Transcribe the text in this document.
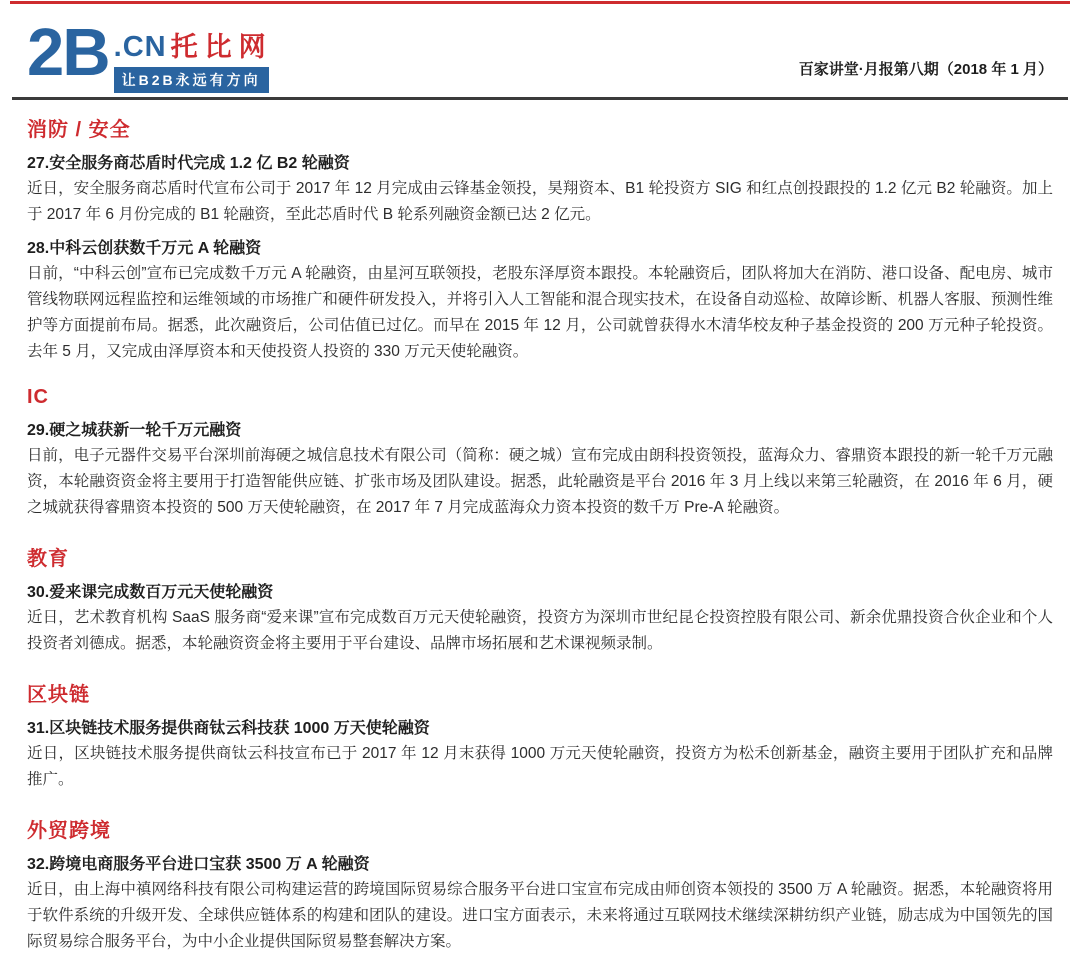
2B .CN 托比网
让B2B永远有方向
百家讲堂·月报第八期（2018 年 1 月）
消防 / 安全
27.安全服务商芯盾时代完成 1.2 亿 B2 轮融资

近日，安全服务商芯盾时代宣布公司于 2017 年 12 月完成由云锋基金领投，昊翔资本、B1 轮投资方 SIG 和红点创投跟投的 1.2 亿元 B2 轮融资。加上于 2017 年 6 月份完成的 B1 轮融资，至此芯盾时代 B 轮系列融资金额已达 2 亿元。

28.中科云创获数千万元 A 轮融资

日前，“中科云创”宣布已完成数千万元 A 轮融资，由星河互联领投，老股东泽厚资本跟投。本轮融资后，团队将加大在消防、港口设备、配电房、城市管线物联网远程监控和运维领域的市场推广和硬件研发投入，并将引入人工智能和混合现实技术，在设备自动巡检、故障诊断、机器人客服、预测性维护等方面提前布局。据悉，此次融资后，公司估值已过亿。而早在 2015 年 12 月，公司就曾获得水木清华校友种子基金投资的 200 万元种子轮投资。去年 5 月，又完成由泽厚资本和天使投资人投资的 330 万元天使轮融资。

IC
29.硬之城获新一轮千万元融资

日前，电子元器件交易平台深圳前海硬之城信息技术有限公司（简称：硬之城）宣布完成由朗科投资领投，蓝海众力、睿鼎资本跟投的新一轮千万元融资，本轮融资资金将主要用于打造智能供应链、扩张市场及团队建设。据悉，此轮融资是平台 2016 年 3 月上线以来第三轮融资，在 2016 年 6 月，硬之城就获得睿鼎资本投资的 500 万天使轮融资，在 2017 年 7 月完成蓝海众力资本投资的数千万 Pre-A 轮融资。

教育
30.爱来课完成数百万元天使轮融资

近日，艺术教育机构 SaaS 服务商“爱来课”宣布完成数百万元天使轮融资，投资方为深圳市世纪昆仑投资控股有限公司、新余优鼎投资合伙企业和个人投资者刘德成。据悉，本轮融资资金将主要用于平台建设、品牌市场拓展和艺术课视频录制。

区块链
31.区块链技术服务提供商钛云科技获 1000 万天使轮融资

近日，区块链技术服务提供商钛云科技宣布已于 2017 年 12 月末获得 1000 万元天使轮融资，投资方为松禾创新基金，融资主要用于团队扩充和品牌推广。

外贸跨境
32.跨境电商服务平台进口宝获 3500 万 A 轮融资

近日，由上海中禛网络科技有限公司构建运营的跨境国际贸易综合服务平台进口宝宣布完成由师创资本领投的 3500 万 A 轮融资。据悉，本轮融资将用于软件系统的升级开发、全球供应链体系的构建和团队的建设。进口宝方面表示，未来将通过互联网技术继续深耕纺织产业链，励志成为中国领先的国际贸易综合服务平台，为中小企业提供国际贸易整套解决方案。
